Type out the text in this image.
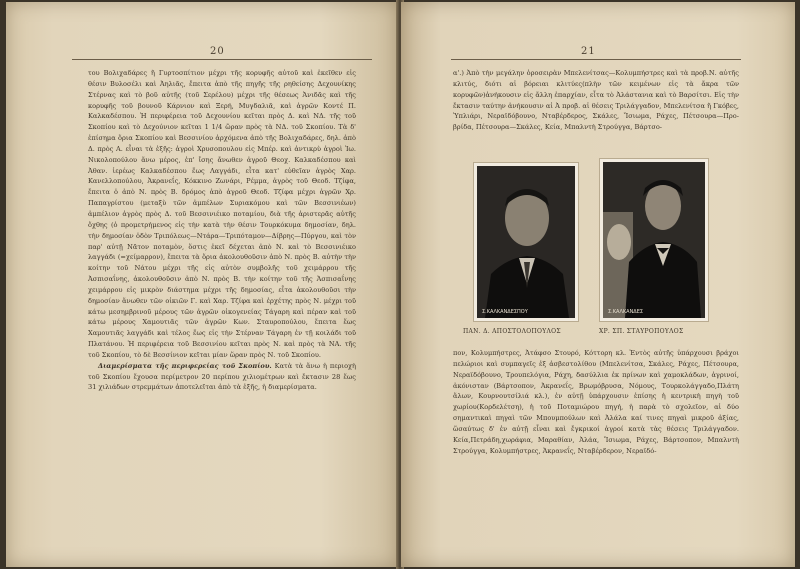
20

του Βολιχαδάρες ἢ Γυρτοσπίτιον μέχρι τῆς κορυφῆς αὐτοῦ καὶ ἐκεῖθεν εἰς θέσιν Βυλοσέλι καὶ Ἀηλιᾶς, ἔπειτα ἀπὸ τῆς πηγῆς τῆς ρηθείσης Δεχουνίκης Στέρνας καὶ τὸ βοῦ αὐτῆς (τοῦ Σερέλου) μέχρι τῆς θέσεως Ἁνιδᾶς καὶ τῆς κορυφῆς τοῦ βουνοῦ Κάρνιον καὶ Ξερή, Μυγδαλιᾶ, καὶ ἀγρῶν Κοντέ Π. Καλκαδέσπου. Ἡ περιφέρεια τοῦ Δεχουνίου κεῖται πρὸς Δ. καὶ ΝΔ. τῆς τοῦ Σκοπίου καὶ τὸ Δεχούνιον κεῖται 1 1/4 ὥραν πρὸς τὰ ΝΔ. τοῦ Σκοπίου. Τὰ δ' ἐπίσημα ὅρια Σκοπίου καὶ Βεσσινίου ἀρχόμενα ἀπὸ τῆς Βολιχαδάρες, δηλ. ἀπὸ Δ. πρὸς Α. εἶναι τὰ ἑξῆς: ἀγροὶ Χρυσοπουλου εἰς Μπέρ. καὶ ἀντικρὺ ἀγροὶ Ἰω. Νικολοπούλου ἄνω μέρος, ἐπ' ἴσης ἄνωθεν ἀγροῦ Θεοχ. Καλκαδέσπου καὶ Ἀθαν. ἱερέως Καλκαδέσπου ἕως Λαγγάδι, εἶτα κατ' εὐθεῖαν ἀγρὸς Χαρ. Κανελλοπούλου, Ἀκρανεΐς, Κόκκινο Ζωνάρι, Ρέμμα, ἀγρὸς τοῦ Θεοδ. Τζίφα, ἔπειτα ὁ ἀπὸ Ν. πρὸς Β. δρόμος ἀπὸ ἀγροῦ Θεοδ. Τζίφα μέχρι ἀγρῶν Χρ. Παπαγρίστου (μεταξὺ τῶν ἀμπέλων Συριακόμου καὶ τῶν Βεσσινιέων) ἀμπέλιον ἀγρὸς πρὸς Δ. τοῦ Βεσσινιέικο ποταμίου, διὰ τῆς ἀριστερᾶς αὐτῆς ὄχθης (ὁ προμετρήμενος εἰς τὴν κατὰ τὴν θέσιν Τουρκόκυμα δημοσίαν, δηλ. τὴν δημοσίαν ὁδὸν Τριπόλεως—Ντάρα—Τριπόταμον—Δίβρης—Πύργου, καὶ τὸν παρ' αὐτῇ Νᾶτον ποταμὸν, ὅστις ἐκεῖ δέχεται ἀπὸ Ν. καὶ τὸ Βεσσινιέικο λαγγάδι (=χείμαρρον), ἔπειτα τὰ ὅρια ἀκολουθοῦσιν ἀπὸ Ν. πρὸς Β. αὐτὴν τὴν κοίτην τοῦ Νάτου μέχρι τῆς εἰς αὐτὸν συμβολῆς τοῦ χειμάρρου τῆς Ἀσπισαΐνης, ἀκολουθοῦσιν ἀπὸ Ν. πρὸς Β. τὴν κοίτην τοῦ τῆς Ἀσπισαΐνης χειμάρρου εἰς μικρὸν διάστημα μέχρι τῆς δημοσίας, εἶτα ἀκολουθοῦσι τὴν δημοσίαν ἄνωθεν τῶν οἰκιῶν Γ. καὶ Χαρ. Τζίφα καὶ ἐρχέτης πρὸς Ν. μέχρι τοῦ κάτω μεσημβρινοῦ μέρους τῶν ἀγρῶν οἰκογενείας Τάγαρη καὶ πέραν καὶ τοῦ κάτω μέρους Χαμουτιᾶς τῶν ἀγρῶν Κων. Σταυροπούλου, ἔπειτα ἕως Χαμουτιᾶς λαγγάδι καὶ τέλος ἕως εἰς τὴν Στέρναν Τάγαρη ἐν τῇ κοιλάδι τοῦ Πλατάνου. Ἡ περιφέρεια τοῦ Βεσσινίου κεῖται πρὸς Ν. καὶ πρὸς τὰ ΝΑ. τῆς τοῦ Σκοπίου, τὸ δὲ Βεσσίνιον κεῖται μίαν ὥραν πρὸς Ν. τοῦ Σκοπίου.

Διαμερίσματα τῆς περιφερείας τοῦ Σκοπίου. Κατὰ τὰ ἄνω ἡ περιοχὴ τοῦ Σκοπίου ἔχουσα περίμετρον 20 περίπου χιλιομέτρων καὶ ἔκτασιν 28 ἕως 31 χιλιάδων στρεμμάτων ἀποτελεῖται ἀπὸ τὰ ἑξῆς, ἡ διαμερίσματα.

21
α'.) Ἀπὸ τὴν μεγάλην ὀροσειρὰν Μπελενίτσας—Κολυμπήστρες καὶ τὰ προβ.Ν. αὐτῆς κλιτύς, διότι αἱ βόρειαι κλιτύες(πλὴν τῶν κειμένων εἰς τὰ ἄκρα τῶν κορυφῶν)ἀνήκουσιν εἰς ἄλλη ἐπαρχίαν, εἶτα τὸ Ἀλάστανια καὶ τὸ Βαρσίτσι. Εἰς τὴν ἔκτασιν ταύτην ἀνήκουσιν αἱ Ἀ προβ. αἱ θέσεις Τριλάγγαδον, Μπελενίτσα ἢ Γκόβες, Ὑπλιάρι, Νεραϊδόβουνο, Νταβέρδερος, Σκάλες, Ἴσιωμα, Ράχες, Πέτσουρα—Προβρίδα, Πέτσουρα—Σκάλες, Κεία, Μπαλντὴ Στρούγγα, Βάρτσο-
Σ.ΚΑΛΚΑΝΔΕΣΠΟΥ	Σ.ΚΑΛΚΑΝΔΕΣ
ΠΑΝ. Δ. ΑΠΟΣΤΟΛΟΠΟΥΛΟΣ	ΧΡ. ΣΠ. ΣΤΑΥΡΟΠΟΥΛΟΣ
πον, Κολυμπήστρες, Ἁτάφσο Στουρό, Κόττορη κλ. Ἐντὸς αὐτῆς ὑπάρχουσι βράχοι πελώριοι καὶ συμπαγεῖς ἐξ ἀσβεστολίθου (Μπελενίτσα, Σκάλες, Ράχες, Πέτσουρα, Νεραϊδόβουνο, Τρουπελόγια, Ράχη, δασύλλια ἐκ πρίνων καὶ χαμοκλάδων, ἀγρινοί, ἀκόνισταν (Βάρτσοπον, Ἀκρανεΐς, Βρωμόβρυσα, Νόμους, Τουρκολάγγαδο,Πλάτη ἄλων, Κουρνουτσίλιά κλ.), ἐν αὐτῇ ὑπάρχουσιν ἐπίσης ἡ κεντρικὴ πηγὴ τοῦ χωρίου(Κορδελέτση), ἡ τοῦ Ποταμιώρου πηγή, ἡ παρὰ τὸ σχολεῖον, αἱ δύο σημαντικαὶ πηγαὶ τῶν Μπουμπούλων καὶ Ἀλάλα καί τινες πηγαὶ μικροῦ ἀξίας, ὥσαύτως δ' ἐν αὐτῇ εἶναι καὶ ἔγκρικοί ἀγροί κατὰ τὰς θέσεις Τριλάγγαδον. Κεία,Πετράδη,χωράφια, Μαραθίαν, Ἀλάα, Ἴσιωμα, Ράχες, Βάρτσοπον, Μπαλντὴ Στρούγγα, Κολυμπήστρες, Ἀκρανεΐς, Νταβέρδερον, Νεραϊδό-
